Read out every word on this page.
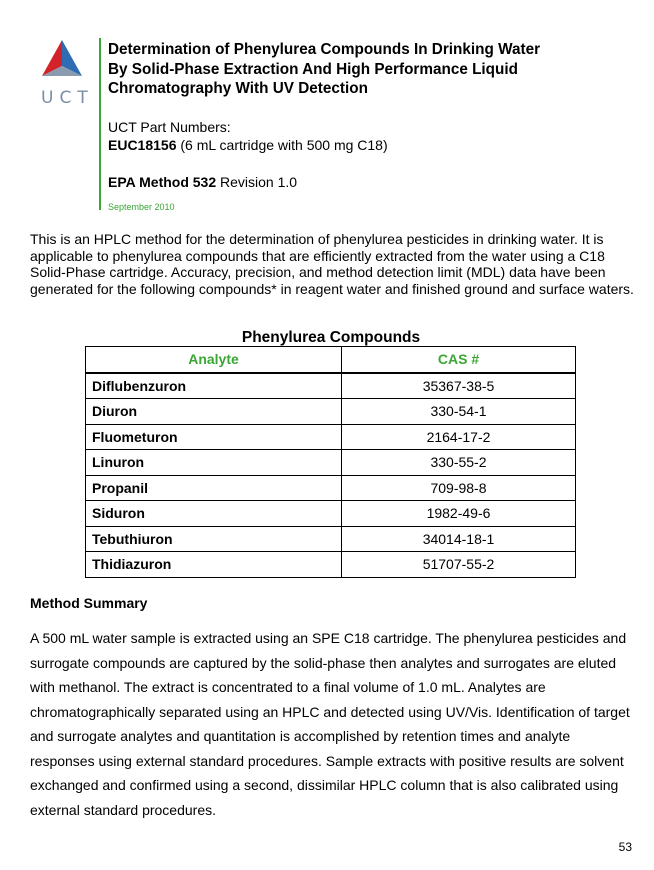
UCT
Determination of Phenylurea Compounds In Drinking Water
By Solid-Phase Extraction And High Performance Liquid
Chromatography With UV Detection
UCT Part Numbers:
EUC18156 (6 mL cartridge with 500 mg C18)
EPA Method 532 Revision 1.0
September 2010
This is an HPLC method for the determination of phenylurea pesticides in drinking water. It is applicable to phenylurea compounds that are efficiently extracted from the water using a C18 Solid-Phase cartridge. Accuracy, precision, and method detection limit (MDL) data have been generated for the following compounds* in reagent water and finished ground and surface waters.
Phenylurea Compounds
Analyte	CAS #
Diflubenzuron	35367-38-5
Diuron	330-54-1
Fluometuron	2164-17-2
Linuron	330-55-2
Propanil	709-98-8
Siduron	1982-49-6
Tebuthiuron	34014-18-1
Thidiazuron	51707-55-2
Method Summary
A 500 mL water sample is extracted using an SPE C18 cartridge. The phenylurea pesticides and surrogate compounds are captured by the solid-phase then analytes and surrogates are eluted with methanol. The extract is concentrated to a final volume of 1.0 mL. Analytes are chromatographically separated using an HPLC and detected using UV/Vis. Identification of target and surrogate analytes and quantitation is accomplished by retention times and analyte responses using external standard procedures. Sample extracts with positive results are solvent exchanged and confirmed using a second, dissimilar HPLC column that is also calibrated using external standard procedures.
53
